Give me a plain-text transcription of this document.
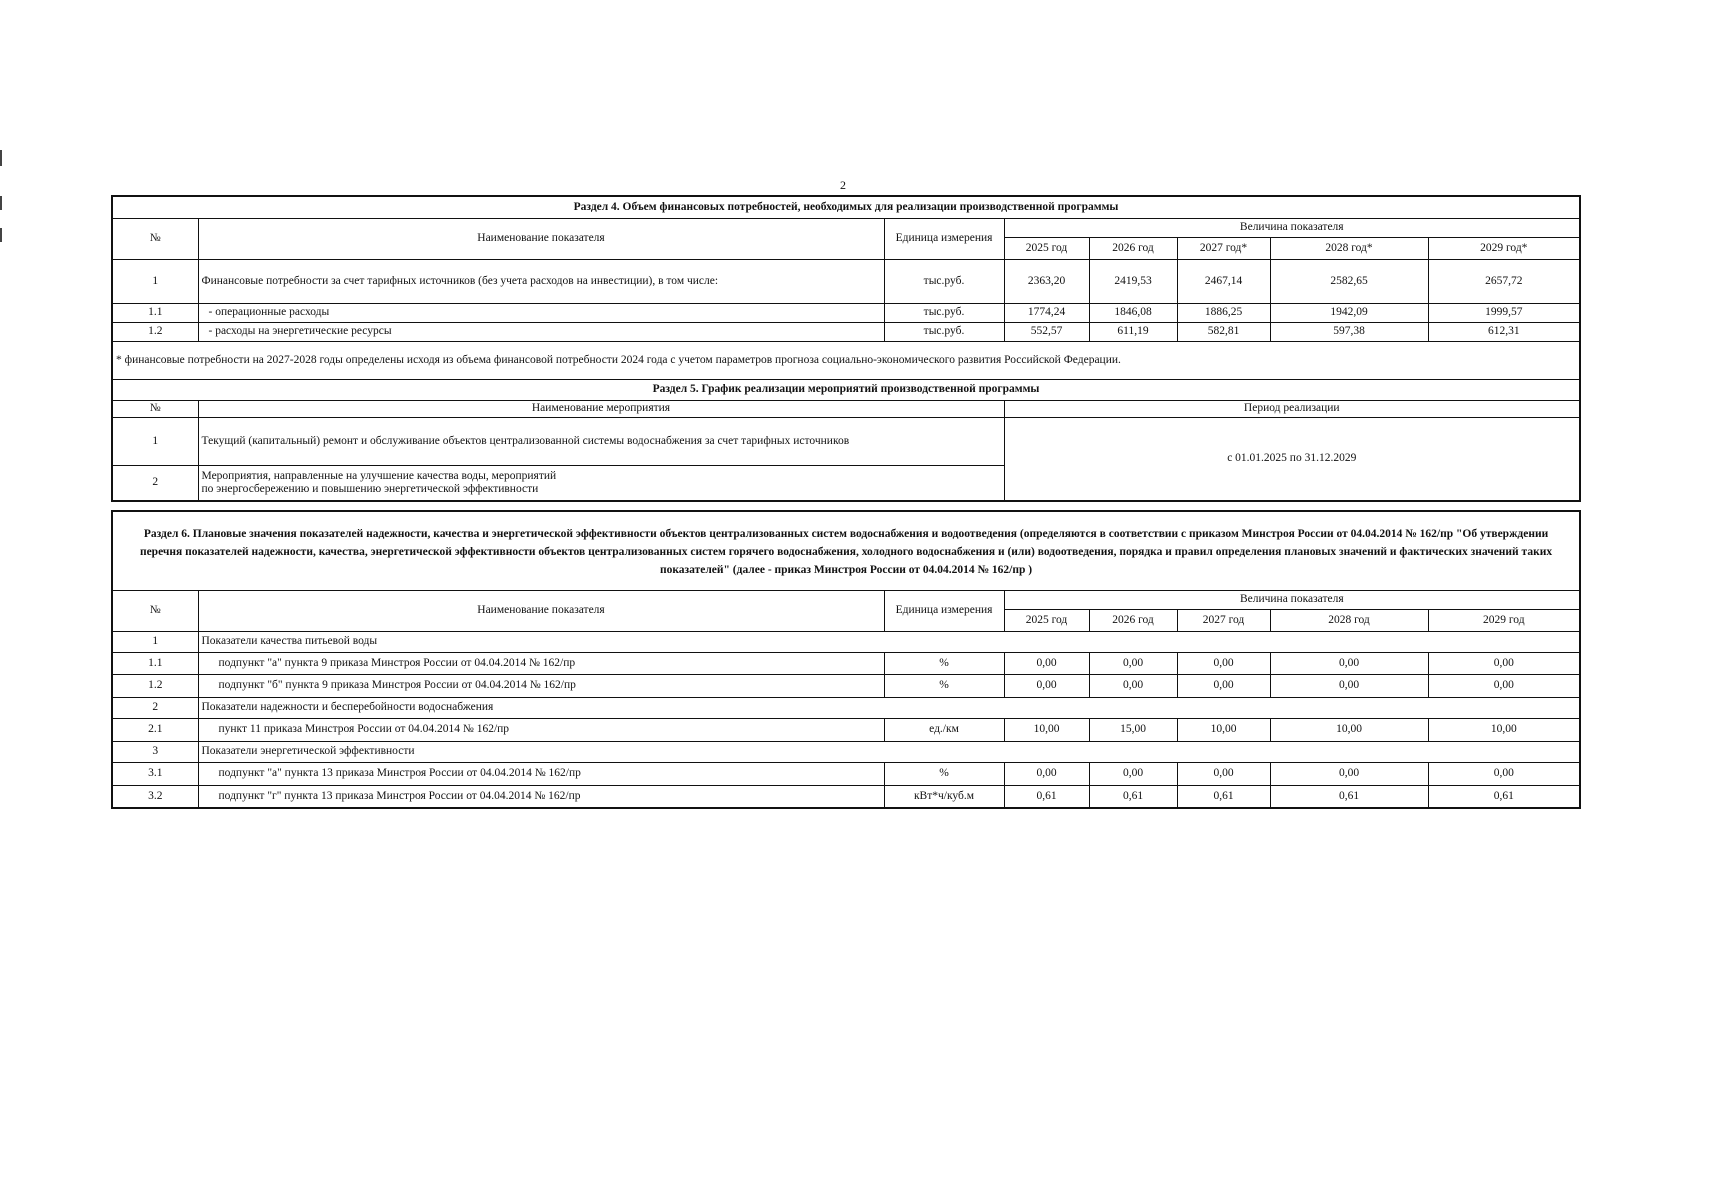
2
Раздел 4. Объем финансовых потребностей, необходимых для реализации производственной программы							
№	Наименование показателя	Единица измерения	Величина показателя				
			2025 год	2026 год	2027 год*	2028 год*	2029 год*
1	Финансовые потребности за счет тарифных источников (без учета расходов на инвестиции), в том числе:	тыс.руб.	2363,20	2419,53	2467,14	2582,65	2657,72
1.1	- операционные расходы	тыс.руб.	1774,24	1846,08	1886,25	1942,09	1999,57
1.2	- расходы на энергетические ресурсы	тыс.руб.	552,57	611,19	582,81	597,38	612,31
* финансовые потребности на 2027-2028 годы определены исходя из объема финансовой потребности 2024 года с учетом параметров прогноза социально-экономического развития Российской Федерации.							
Раздел 5. График реализации мероприятий производственной программы							
№	Наименование мероприятия		Период реализации				
1	Текущий (капитальный) ремонт и обслуживание объектов централизованной системы водоснабжения за счет тарифных источников		с 01.01.2025 по 31.12.2029				
2	Мероприятия, направленные на улучшение качества воды, мероприятий
по энергосбережению и повышению энергетической эффективности						
Раздел 6. Плановые значения показателей надежности, качества и энергетической эффективности объектов централизованных систем водоснабжения и водоотведения (определяются в соответствии с приказом Минстроя России от 04.04.2014 № 162/пр "Об утверждении перечня показателей надежности, качества, энергетической эффективности объектов централизованных систем горячего водоснабжения, холодного водоснабжения и (или) водоотведения, порядка и правил определения плановых значений и фактических значений таких показателей" (далее - приказ Минстроя России от 04.04.2014 № 162/пр )							
№	Наименование показателя	Единица измерения	Величина показателя				
			2025 год	2026 год	2027 год	2028 год	2029 год
1	Показатели качества питьевой воды						
1.1	подпункт "а" пункта 9 приказа Минстроя России от 04.04.2014 № 162/пр	%	0,00	0,00	0,00	0,00	0,00
1.2	подпункт "б" пункта 9 приказа Минстроя России от 04.04.2014 № 162/пр	%	0,00	0,00	0,00	0,00	0,00
2	Показатели надежности и бесперебойности водоснабжения						
2.1	пункт 11 приказа Минстроя России от 04.04.2014 № 162/пр	ед./км	10,00	15,00	10,00	10,00	10,00
3	Показатели энергетической эффективности						
3.1	подпункт "а" пункта 13 приказа Минстроя России от 04.04.2014 № 162/пр	%	0,00	0,00	0,00	0,00	0,00
3.2	подпункт "г" пункта 13 приказа Минстроя России от 04.04.2014 № 162/пр	кВт*ч/куб.м	0,61	0,61	0,61	0,61	0,61
